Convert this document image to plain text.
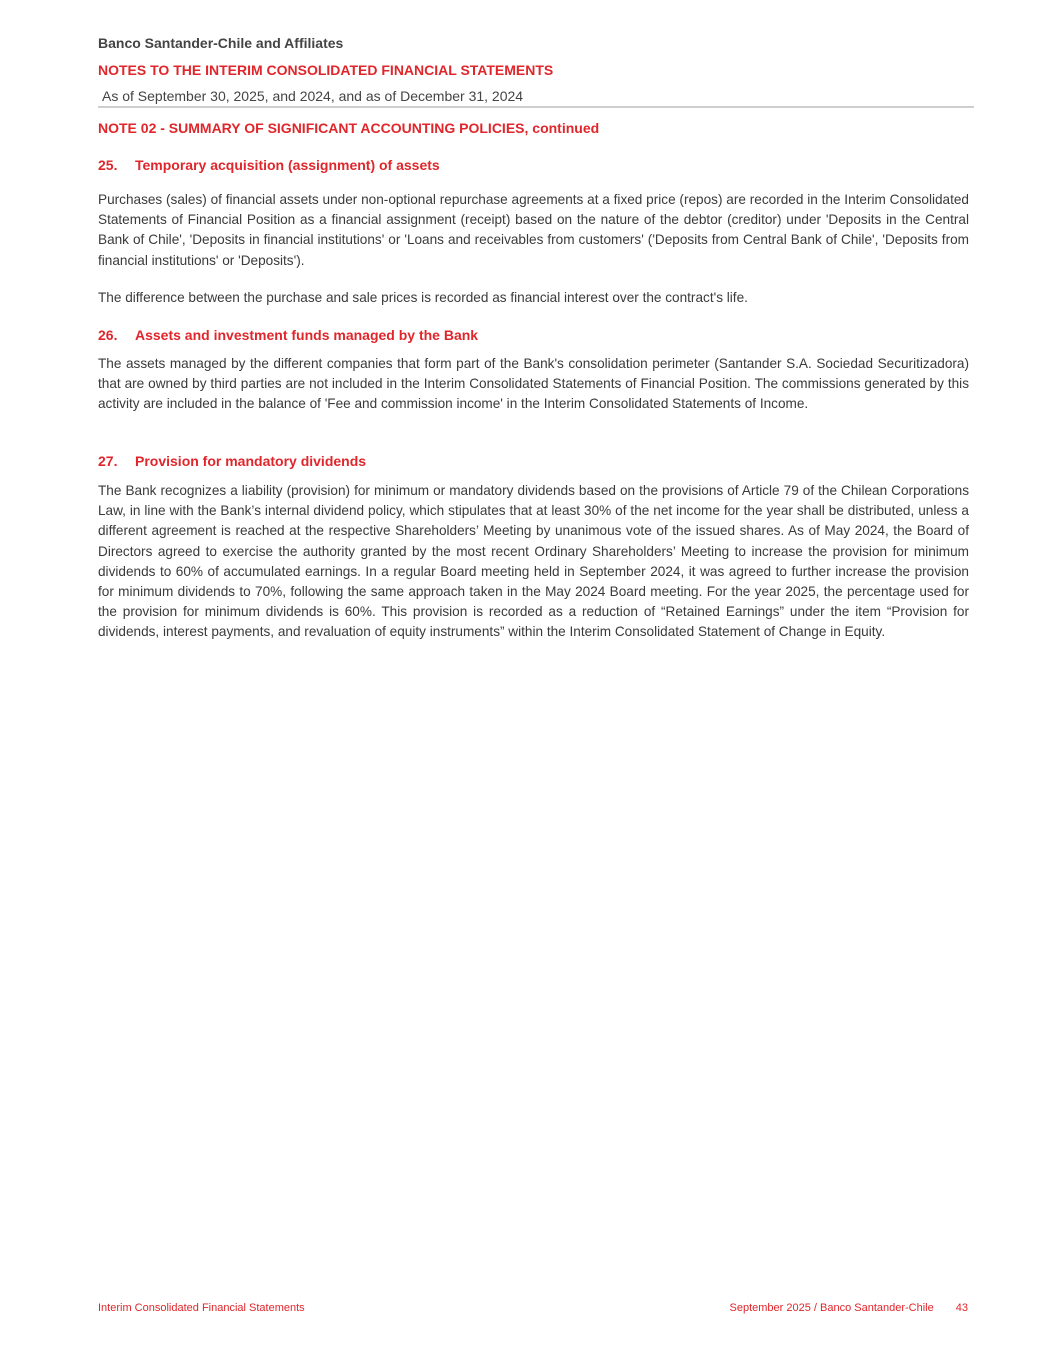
Banco Santander-Chile and Affiliates
NOTES TO THE INTERIM CONSOLIDATED FINANCIAL STATEMENTS
As of September 30, 2025, and 2024, and as of December 31, 2024
NOTE 02 - SUMMARY OF SIGNIFICANT ACCOUNTING POLICIES, continued
25. Temporary acquisition (assignment) of assets
Purchases (sales) of financial assets under non-optional repurchase agreements at a fixed price (repos) are recorded in the Interim Consolidated Statements of Financial Position as a financial assignment (receipt) based on the nature of the debtor (creditor) under 'Deposits in the Central Bank of Chile', 'Deposits in financial institutions' or 'Loans and receivables from customers' ('Deposits from Central Bank of Chile', 'Deposits from financial institutions' or 'Deposits').
The difference between the purchase and sale prices is recorded as financial interest over the contract's life.
26. Assets and investment funds managed by the Bank
The assets managed by the different companies that form part of the Bank's consolidation perimeter (Santander S.A. Sociedad Securitizadora) that are owned by third parties are not included in the Interim Consolidated Statements of Financial Position. The commissions generated by this activity are included in the balance of 'Fee and commission income' in the Interim Consolidated Statements of Income.
27. Provision for mandatory dividends
The Bank recognizes a liability (provision) for minimum or mandatory dividends based on the provisions of Article 79 of the Chilean Corporations Law, in line with the Bank’s internal dividend policy, which stipulates that at least 30% of the net income for the year shall be distributed, unless a different agreement is reached at the respective Shareholders’ Meeting by unanimous vote of the issued shares. As of May 2024, the Board of Directors agreed to exercise the authority granted by the most recent Ordinary Shareholders’ Meeting to increase the provision for minimum dividends to 60% of accumulated earnings. In a regular Board meeting held in September 2024, it was agreed to further increase the provision for minimum dividends to 70%, following the same approach taken in the May 2024 Board meeting. For the year 2025, the percentage used for the provision for minimum dividends is 60%. This provision is recorded as a reduction of “Retained Earnings” under the item “Provision for dividends, interest payments, and revaluation of equity instruments” within the Interim Consolidated Statement of Change in Equity.
Interim Consolidated Financial Statements	September 2025 / Banco Santander-Chile 43
